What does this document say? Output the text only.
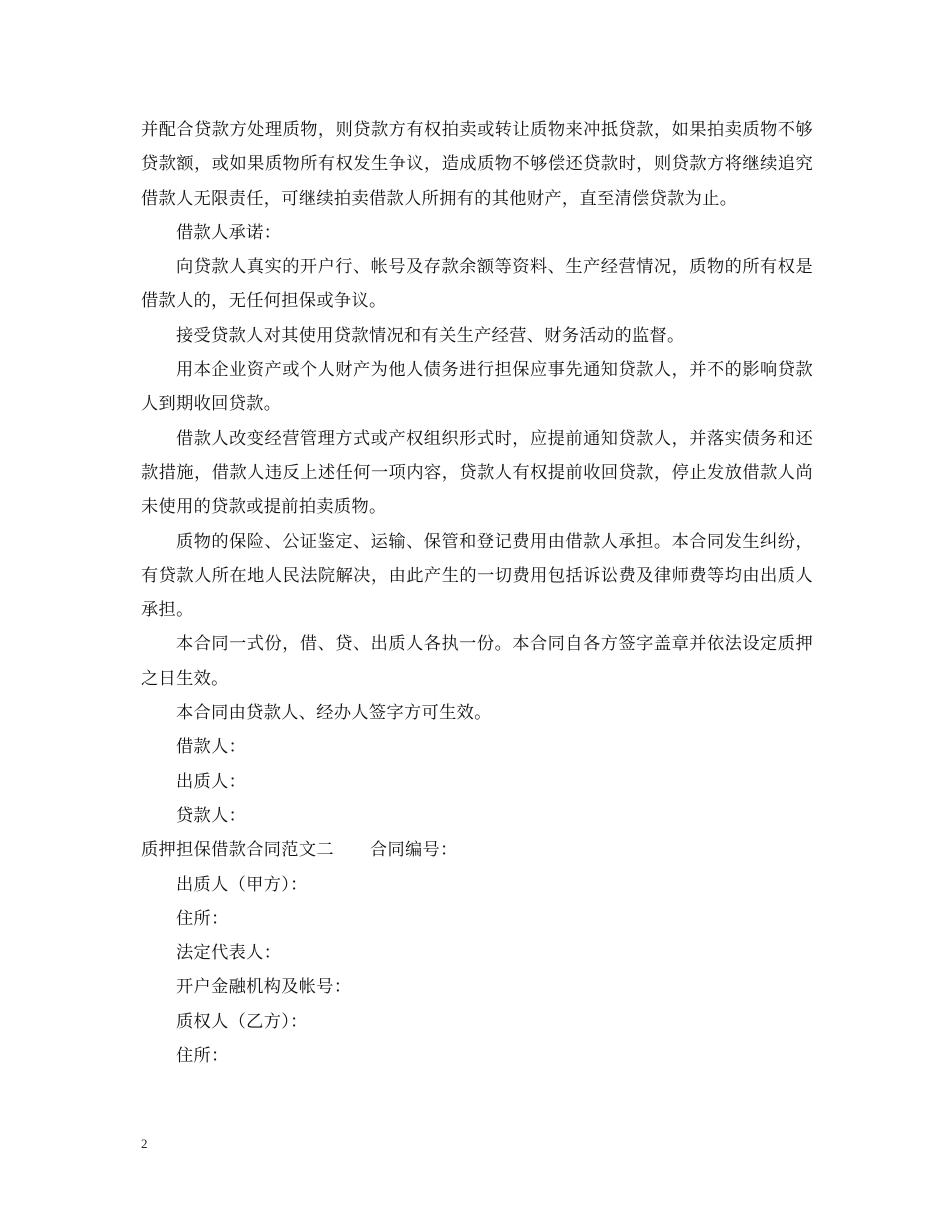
并配合贷款方处理质物，则贷款方有权拍卖或转让质物来冲抵贷款，如果拍卖质物不够贷款额，或如果质物所有权发生争议，造成质物不够偿还贷款时，则贷款方将继续追究借款人无限责任，可继续拍卖借款人所拥有的其他财产，直至清偿贷款为止。

借款人承诺：

向贷款人真实的开户行、帐号及存款余额等资料、生产经营情况，质物的所有权是借款人的，无任何担保或争议。

接受贷款人对其使用贷款情况和有关生产经营、财务活动的监督。

用本企业资产或个人财产为他人债务进行担保应事先通知贷款人，并不的影响贷款人到期收回贷款。

借款人改变经营管理方式或产权组织形式时，应提前通知贷款人，并落实债务和还款措施，借款人违反上述任何一项内容，贷款人有权提前收回贷款，停止发放借款人尚未使用的贷款或提前拍卖质物。

质物的保险、公证鉴定、运输、保管和登记费用由借款人承担。本合同发生纠纷，有贷款人所在地人民法院解决，由此产生的一切费用包括诉讼费及律师费等均由出质人承担。

本合同一式份，借、贷、出质人各执一份。本合同自各方签字盖章并依法设定质押之日生效。

本合同由贷款人、经办人签字方可生效。

借款人：

出质人：

贷款人：

质押担保借款合同范文二 合同编号：

出质人（甲方）：

住所：

法定代表人：

开户金融机构及帐号：

质权人（乙方）：

住所：

2
